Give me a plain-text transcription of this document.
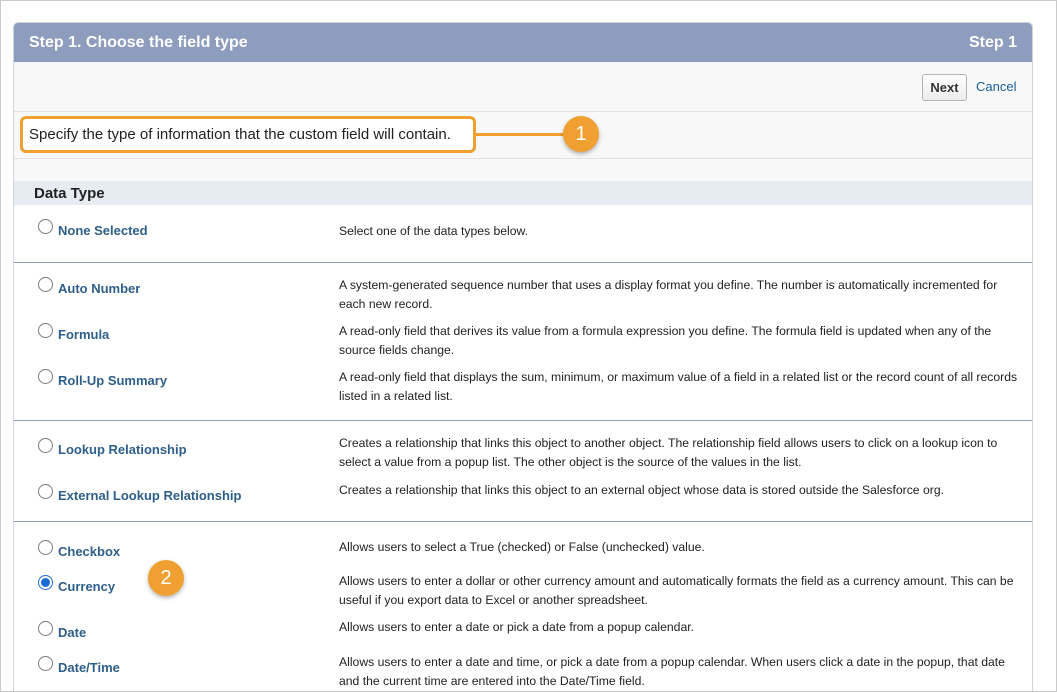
Step 1. Choose the field type	Step 1
Next	Cancel
Specify the type of information that the custom field will contain.	1
Data Type
None Selected	Select one of the data types below.
Auto Number	A system-generated sequence number that uses a display format you define. The number is automatically incremented for each new record.
Formula	A read-only field that derives its value from a formula expression you define. The formula field is updated when any of the source fields change.
Roll-Up Summary	A read-only field that displays the sum, minimum, or maximum value of a field in a related list or the record count of all records listed in a related list.
Lookup Relationship	Creates a relationship that links this object to another object. The relationship field allows users to click on a lookup icon to select a value from a popup list. The other object is the source of the values in the list.
External Lookup Relationship	Creates a relationship that links this object to an external object whose data is stored outside the Salesforce org.
Checkbox	Allows users to select a True (checked) or False (unchecked) value.
Currency	Allows users to enter a dollar or other currency amount and automatically formats the field as a currency amount. This can be useful if you export data to Excel or another spreadsheet.
Date	Allows users to enter a date or pick a date from a popup calendar.
Date/Time	Allows users to enter a date and time, or pick a date from a popup calendar. When users click a date in the popup, that date and the current time are entered into the Date/Time field.
2
